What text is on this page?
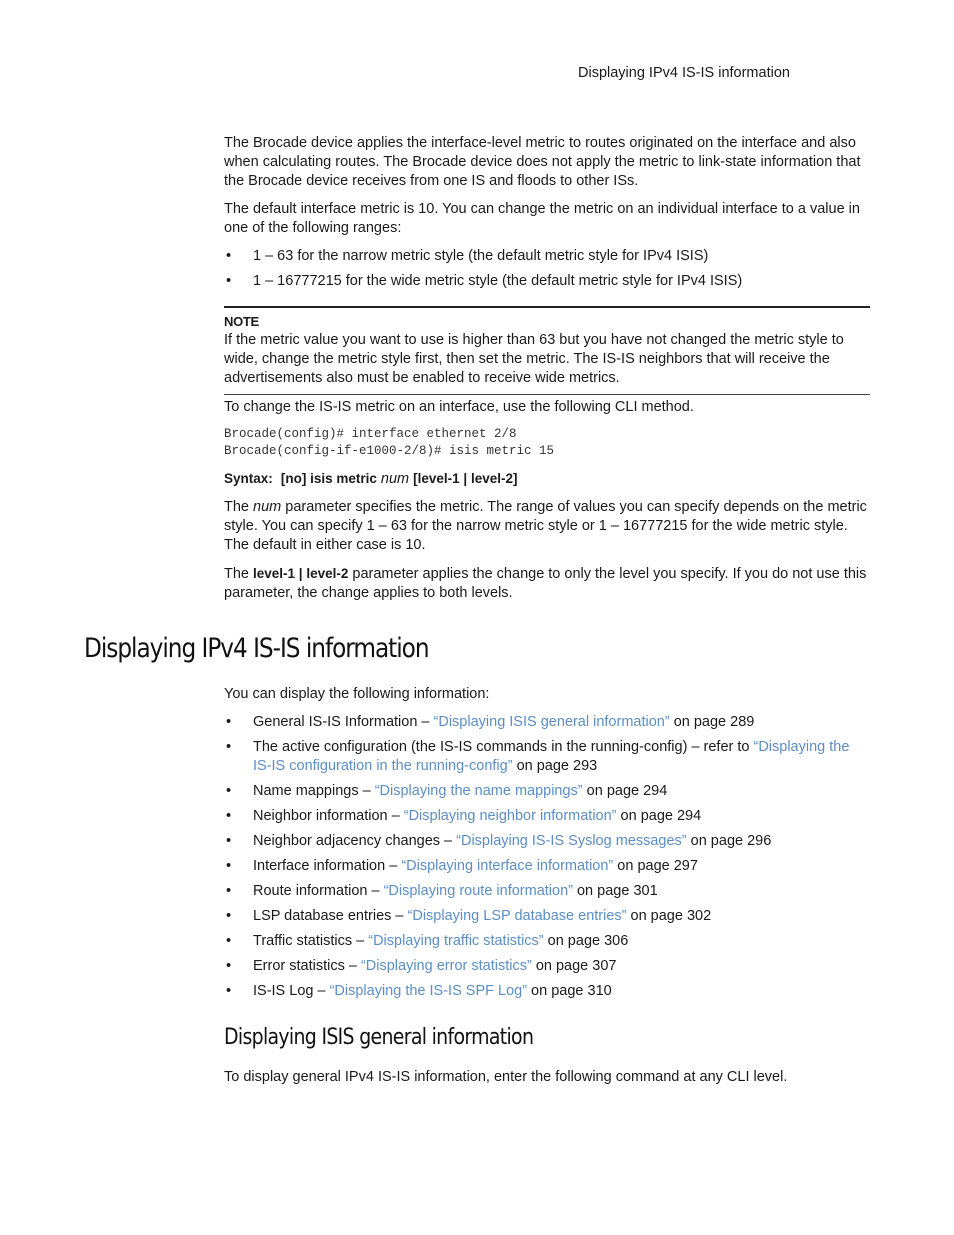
Displaying IPv4 IS-IS information

The Brocade device applies the interface-level metric to routes originated on the interface and also when calculating routes. The Brocade device does not apply the metric to link-state information that the Brocade device receives from one IS and floods to other ISs.

The default interface metric is 10. You can change the metric on an individual interface to a value in one of the following ranges:

• 1 – 63 for the narrow metric style (the default metric style for IPv4 ISIS)
• 1 – 16777215 for the wide metric style (the default metric style for IPv4 ISIS)
NOTE

If the metric value you want to use is higher than 63 but you have not changed the metric style to wide, change the metric style first, then set the metric. The IS-IS neighbors that will receive the advertisements also must be enabled to receive wide metrics.

To change the IS-IS metric on an interface, use the following CLI method.

Brocade(config)# interface ethernet 2/8
Brocade(config-if-e1000-2/8)# isis metric 15

Syntax: [no] isis metric num [level-1 | level-2]

The num parameter specifies the metric. The range of values you can specify depends on the metric style. You can specify 1 – 63 for the narrow metric style or 1 – 16777215 for the wide metric style. The default in either case is 10.

The level-1 | level-2 parameter applies the change to only the level you specify. If you do not use this parameter, the change applies to both levels.

Displaying IPv4 IS-IS information

You can display the following information:

• General IS-IS Information – “Displaying ISIS general information” on page 289
• The active configuration (the IS-IS commands in the running-config) – refer to “Displaying the IS-IS configuration in the running-config” on page 293
• Name mappings – “Displaying the name mappings” on page 294
• Neighbor information – “Displaying neighbor information” on page 294
• Neighbor adjacency changes – “Displaying IS-IS Syslog messages” on page 296
• Interface information – “Displaying interface information” on page 297
• Route information – “Displaying route information” on page 301
• LSP database entries – “Displaying LSP database entries” on page 302
• Traffic statistics – “Displaying traffic statistics” on page 306
• Error statistics – “Displaying error statistics” on page 307
• IS-IS Log – “Displaying the IS-IS SPF Log” on page 310
Displaying ISIS general information

To display general IPv4 IS-IS information, enter the following command at any CLI level.
